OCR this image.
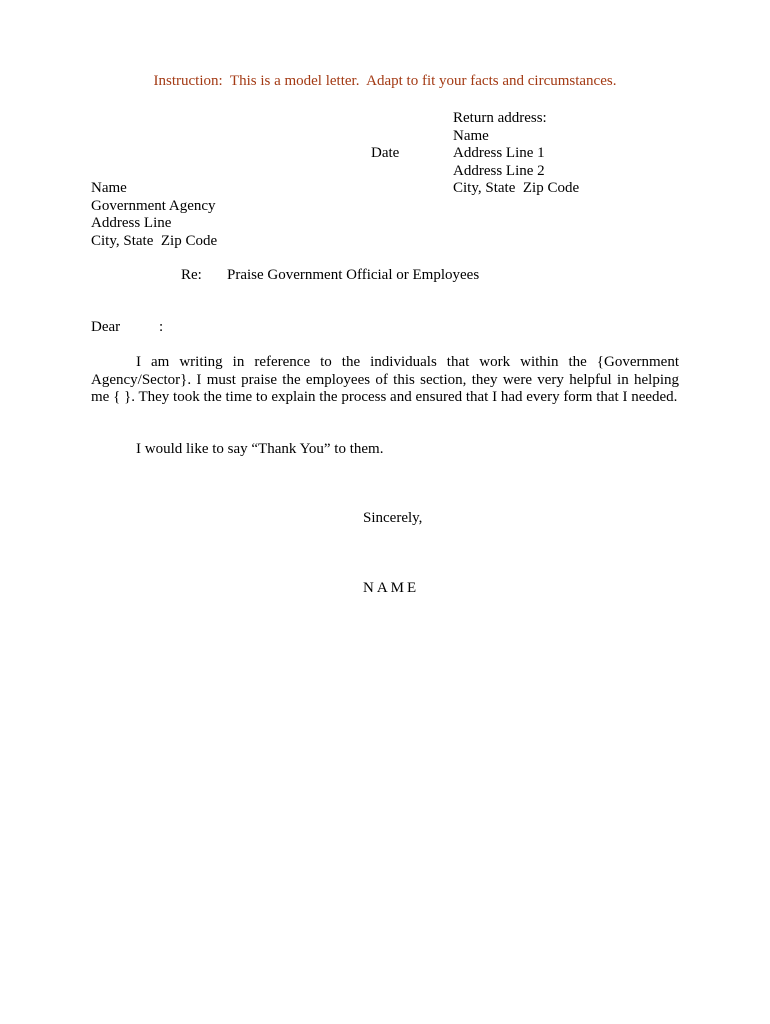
Instruction:  This is a model letter.  Adapt to fit your facts and circumstances.
Return address:
Name
Address Line 1
Address Line 2
City, State  Zip Code
Date
Name
Government Agency
Address Line
City, State  Zip Code
Re: Praise Government Official or Employees
Dear	:

I am writing in reference to the individuals that work within the {Government Agency/Sector}. I must praise the employees of this section, they were very helpful in helping me { }. They took the time to explain the process and ensured that I had every form that I needed.

I would like to say “Thank You” to them.

Sincerely,
NAME
